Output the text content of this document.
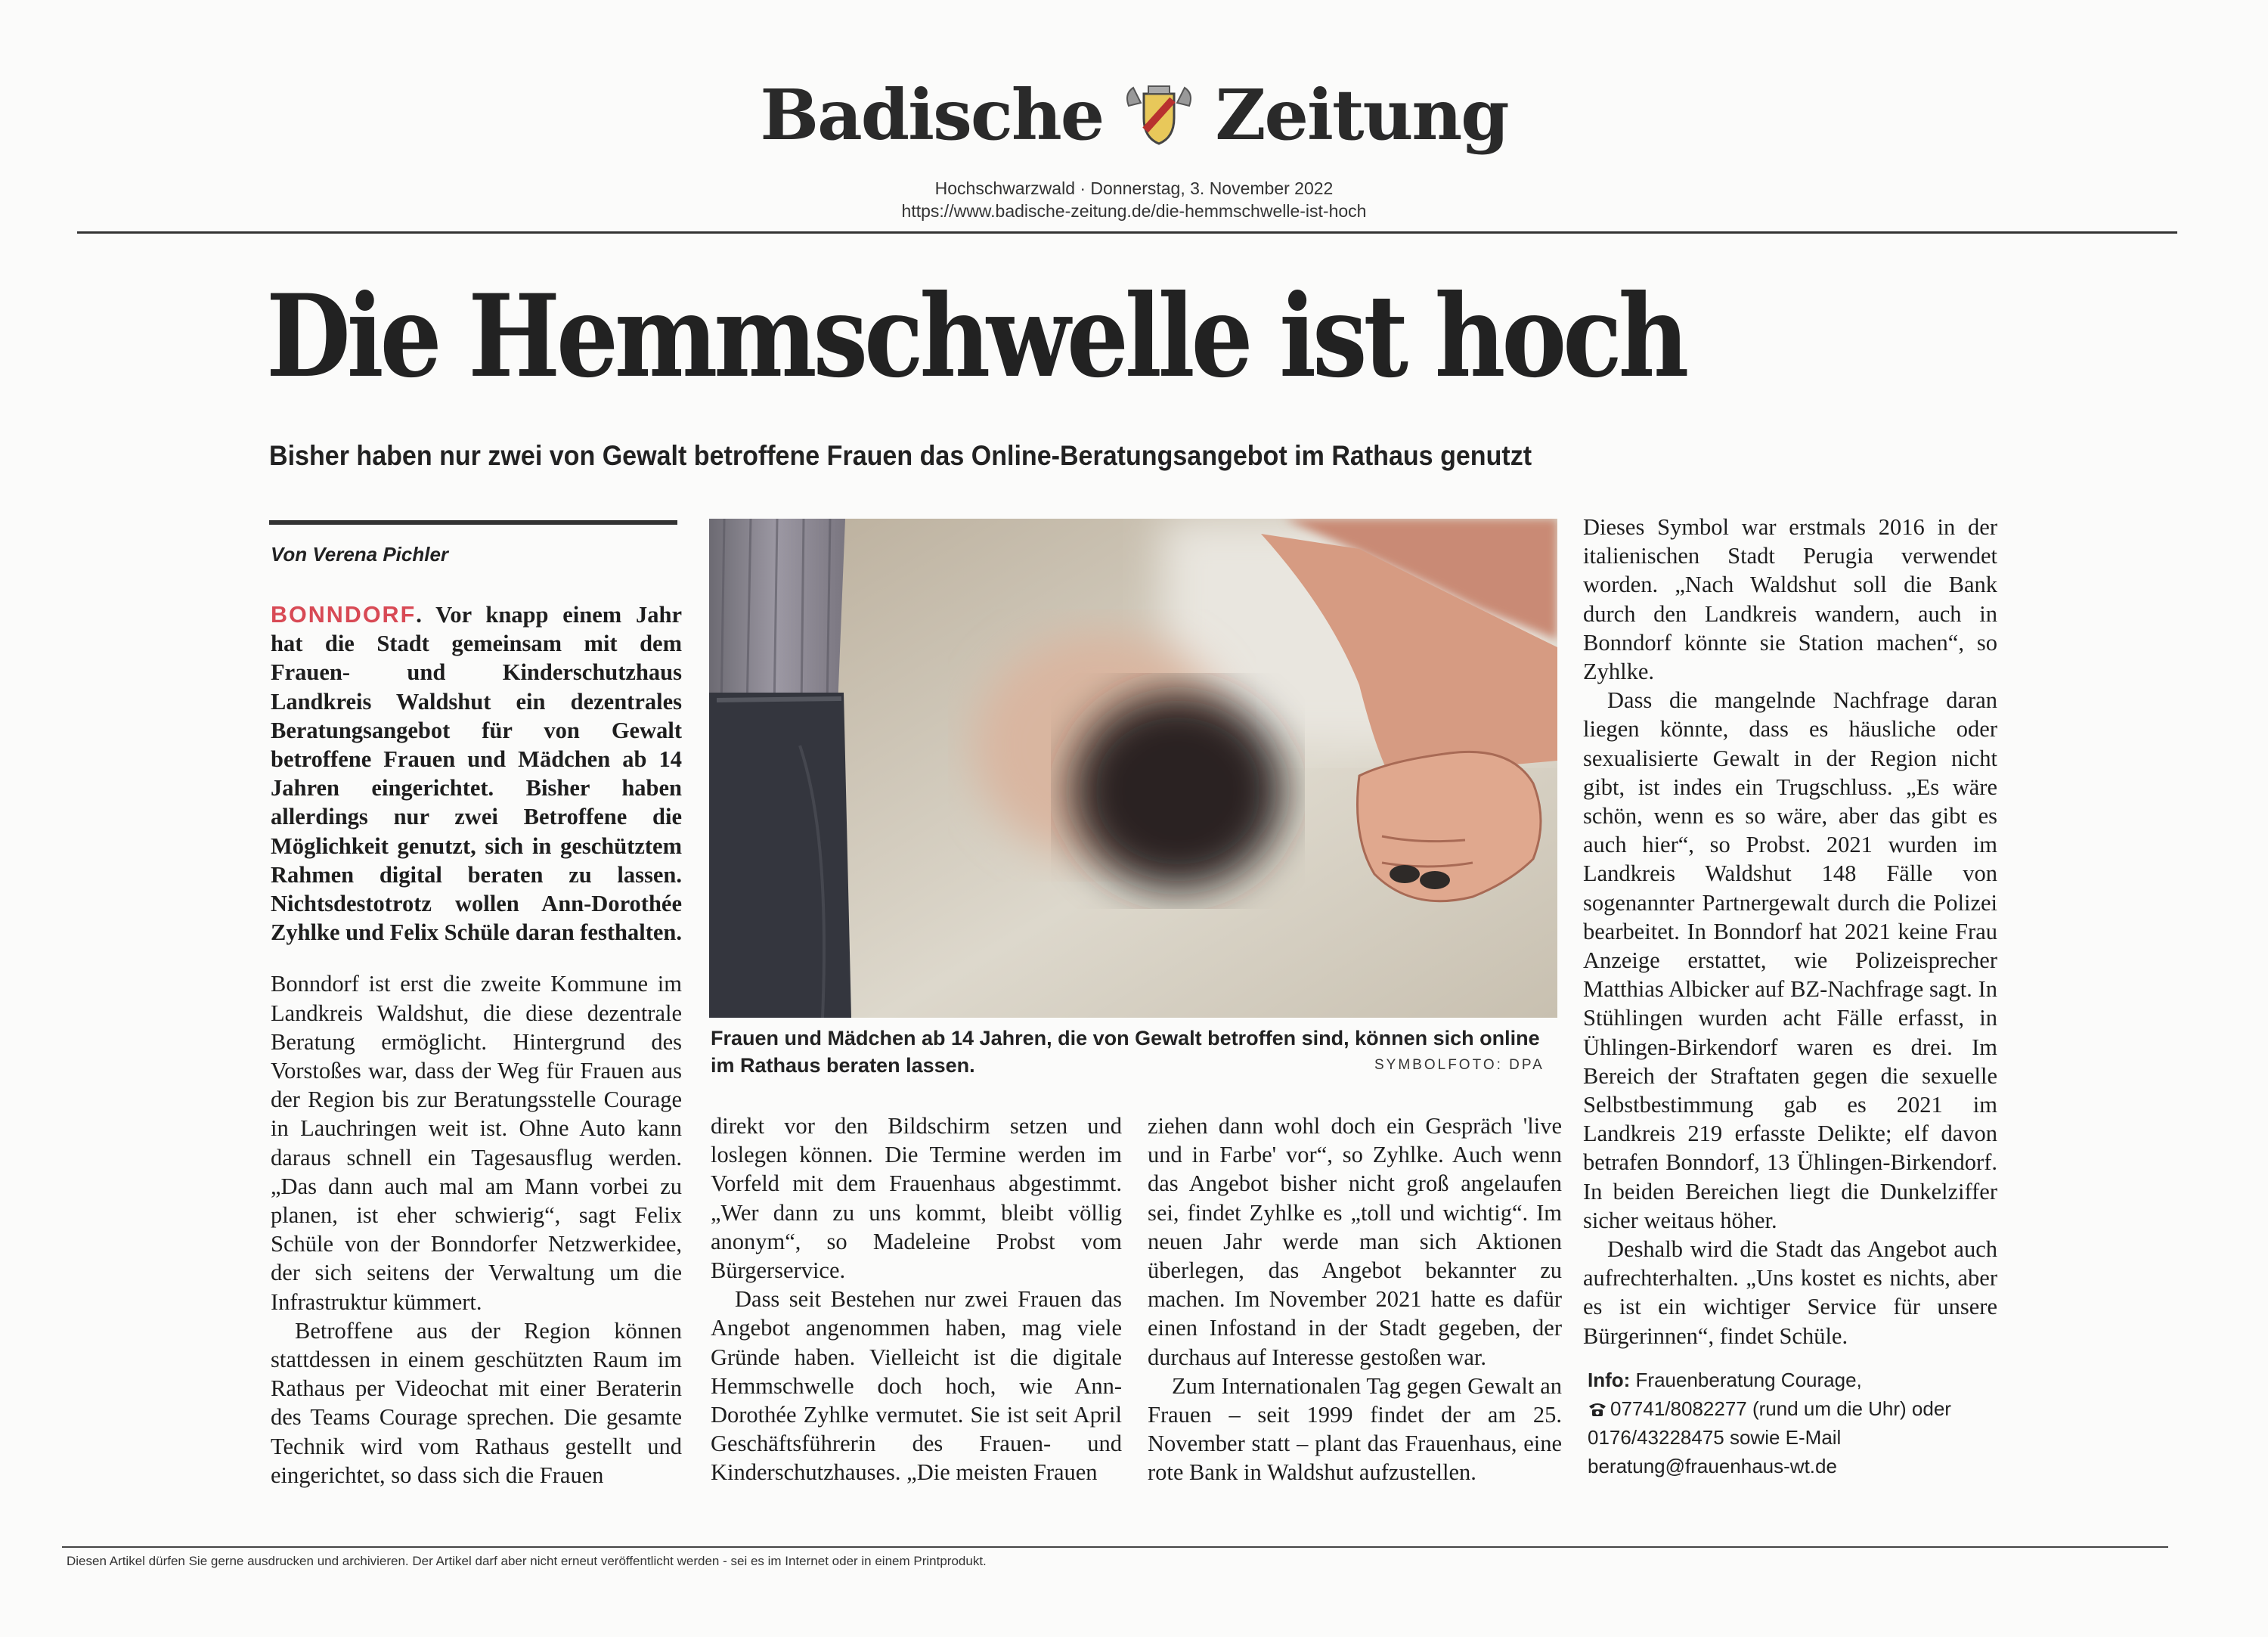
Badische Zeitung
Hochschwarzwald · Donnerstag, 3. November 2022
https://www.badische-zeitung.de/die-hemmschwelle-ist-hoch
Die Hemmschwelle ist hoch
Bisher haben nur zwei von Gewalt betroffene Frauen das Online-Beratungsangebot im Rathaus genutzt
Von Verena Pichler

BONNDORF. Vor knapp einem Jahr hat die Stadt gemeinsam mit dem Frauen- und Kinderschutzhaus Landkreis Waldshut ein dezentrales Beratungsangebot für von Gewalt betroffene Frauen und Mädchen ab 14 Jahren eingerichtet. Bisher haben allerdings nur zwei Betroffene die Möglichkeit genutzt, sich in geschütztem Rahmen digital beraten zu lassen. Nichtsdestotrotz wollen Ann-Dorothée Zyhlke und Felix Schüle daran festhalten.

Bonndorf ist erst die zweite Kommune im Landkreis Waldshut, die diese dezentrale Beratung ermöglicht. Hintergrund des Vorstoßes war, dass der Weg für Frauen aus der Region bis zur Beratungsstelle Courage in Lauchringen weit ist. Ohne Auto kann daraus schnell ein Tagesausflug werden. „Das dann auch mal am Mann vorbei zu planen, ist eher schwierig“, sagt Felix Schüle von der Bonndorfer Netzwerkidee, der sich seitens der Verwaltung um die Infrastruktur kümmert.

Betroffene aus der Region können stattdessen in einem geschützten Raum im Rathaus per Videochat mit einer Beraterin des Teams Courage sprechen. Die gesamte Technik wird vom Rathaus gestellt und eingerichtet, so dass sich die Frauen

Frauen und Mädchen ab 14 Jahren, die von Gewalt betroffen sind, können sich online im Rathaus beraten lassen.	SYMBOLFOTO: DPA

direkt vor den Bildschirm setzen und loslegen können. Die Termine werden im Vorfeld mit dem Frauenhaus abgestimmt. „Wer dann zu uns kommt, bleibt völlig anonym“, so Madeleine Probst vom Bürgerservice.

Dass seit Bestehen nur zwei Frauen das Angebot angenommen haben, mag viele Gründe haben. Vielleicht ist die digitale Hemmschwelle doch hoch, wie Ann-Dorothée Zyhlke vermutet. Sie ist seit April Geschäftsführerin des Frauen- und Kinderschutzhauses. „Die meisten Frauen

ziehen dann wohl doch ein Gespräch 'live und in Farbe' vor“, so Zyhlke. Auch wenn das Angebot bisher nicht groß angelaufen sei, findet Zyhlke es „toll und wichtig“. Im neuen Jahr werde man sich Aktionen überlegen, das Angebot bekannter zu machen. Im November 2021 hatte es dafür einen Infostand in der Stadt gegeben, der durchaus auf Interesse gestoßen war.

Zum Internationalen Tag gegen Gewalt an Frauen – seit 1999 findet der am 25. November statt – plant das Frauenhaus, eine rote Bank in Waldshut aufzustellen.

Dieses Symbol war erstmals 2016 in der italienischen Stadt Perugia verwendet worden. „Nach Waldshut soll die Bank durch den Landkreis wandern, auch in Bonndorf könnte sie Station machen“, so Zyhlke.

Dass die mangelnde Nachfrage daran liegen könnte, dass es häusliche oder sexualisierte Gewalt in der Region nicht gibt, ist indes ein Trugschluss. „Es wäre schön, wenn es so wäre, aber das gibt es auch hier“, so Probst. 2021 wurden im Landkreis Waldshut 148 Fälle von sogenannter Partnergewalt durch die Polizei bearbeitet. In Bonndorf hat 2021 keine Frau Anzeige erstattet, wie Polizeisprecher Matthias Albicker auf BZ-Nachfrage sagt. In Stühlingen wurden acht Fälle erfasst, in Ühlingen-Birkendorf waren es drei. Im Bereich der Straftaten gegen die sexuelle Selbstbestimmung gab es 2021 im Landkreis 219 erfasste Delikte; elf davon betrafen Bonndorf, 13 Ühlingen-Birkendorf. In beiden Bereichen liegt die Dunkelziffer sicher weitaus höher.

Deshalb wird die Stadt das Angebot auch aufrechterhalten. „Uns kostet es nichts, aber es ist ein wichtiger Service für unsere Bürgerinnen“, findet Schüle.

Info: Frauenberatung Courage,
07741/8082277 (rund um die Uhr) oder
0176/43228475 sowie E-Mail
beratung@frauenhaus-wt.de
Diesen Artikel dürfen Sie gerne ausdrucken und archivieren. Der Artikel darf aber nicht erneut veröffentlicht werden - sei es im Internet oder in einem Printprodukt.
